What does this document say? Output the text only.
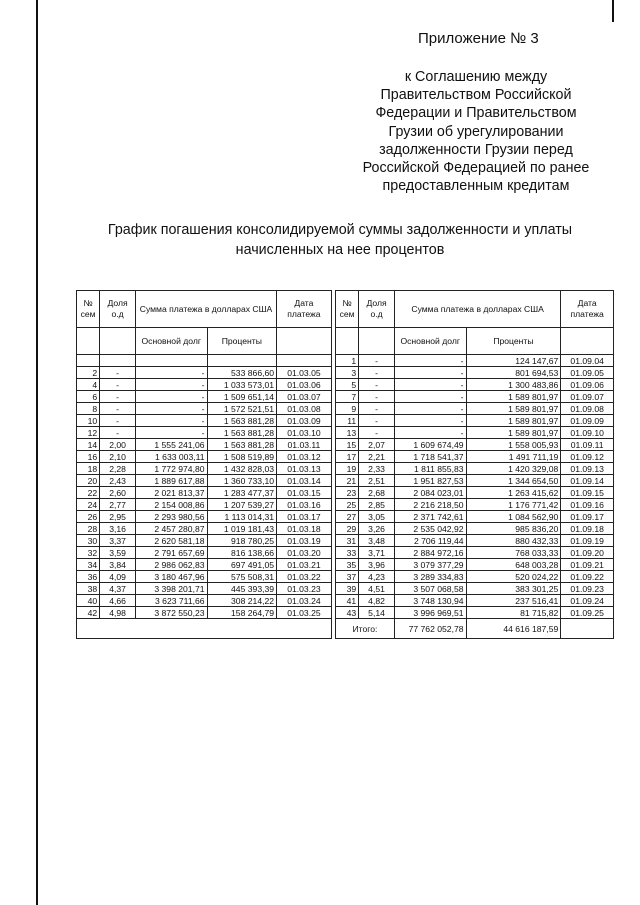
Приложение № 3
к Соглашению между
Правительством Российской
Федерации и Правительством
Грузии об урегулировании
задолженности Грузии перед
Российской Федерацией по ранее
предоставленным кредитам
График погашения консолидируемой суммы задолженности и уплаты
начисленных на нее процентов
№ сем	Доля о.д	Сумма платежа в долларах США		Дата платежа		№ сем	Доля о.д	Сумма платежа в долларах США		Дата платежа
		Основной долг	Проценты					Основной долг	Проценты	
						1	-	-	124 147,67	01.09.04
2	-	-	533 866,60	01.03.05		3	-	-	801 694,53	01.09.05
4	-	-	1 033 573,01	01.03.06		5	-	-	1 300 483,86	01.09.06
6	-	-	1 509 651,14	01.03.07		7	-	-	1 589 801,97	01.09.07
8	-	-	1 572 521,51	01.03.08		9	-	-	1 589 801,97	01.09.08
10	-	-	1 563 881,28	01.03.09		11	-	-	1 589 801,97	01.09.09
12	-	-	1 563 881,28	01.03.10		13	-	-	1 589 801,97	01.09.10
14	2,00	1 555 241,06	1 563 881,28	01.03.11		15	2,07	1 609 674,49	1 558 005,93	01.09.11
16	2,10	1 633 003,11	1 508 519,89	01.03.12		17	2,21	1 718 541,37	1 491 711,19	01.09.12
18	2,28	1 772 974,80	1 432 828,03	01.03.13		19	2,33	1 811 855,83	1 420 329,08	01.09.13
20	2,43	1 889 617,88	1 360 733,10	01.03.14		21	2,51	1 951 827,53	1 344 654,50	01.09.14
22	2,60	2 021 813,37	1 283 477,37	01.03.15		23	2,68	2 084 023,01	1 263 415,62	01.09.15
24	2,77	2 154 008,86	1 207 539,27	01.03.16		25	2,85	2 216 218,50	1 176 771,42	01.09.16
26	2,95	2 293 980,56	1 113 014,31	01.03.17		27	3,05	2 371 742,61	1 084 562,90	01.09.17
28	3,16	2 457 280,87	1 019 181,43	01.03.18		29	3,26	2 535 042,92	985 836,20	01.09.18
30	3,37	2 620 581,18	918 780,25	01.03.19		31	3,48	2 706 119,44	880 432,33	01.09.19
32	3,59	2 791 657,69	816 138,66	01.03.20		33	3,71	2 884 972,16	768 033,33	01.09.20
34	3,84	2 986 062,83	697 491,05	01.03.21		35	3,96	3 079 377,29	648 003,28	01.09.21
36	4,09	3 180 467,96	575 508,31	01.03.22		37	4,23	3 289 334,83	520 024,22	01.09.22
38	4,37	3 398 201,71	445 393,39	01.03.23		39	4,51	3 507 068,58	383 301,25	01.09.23
40	4,66	3 623 711,66	308 214,22	01.03.24		41	4,82	3 748 130,94	237 516,41	01.09.24
42	4,98	3 872 550,23	158 264,79	01.03.25		43	5,14	3 996 969,51	81 715,82	01.09.25
						Итого:		77 762 052,78	44 616 187,59	
